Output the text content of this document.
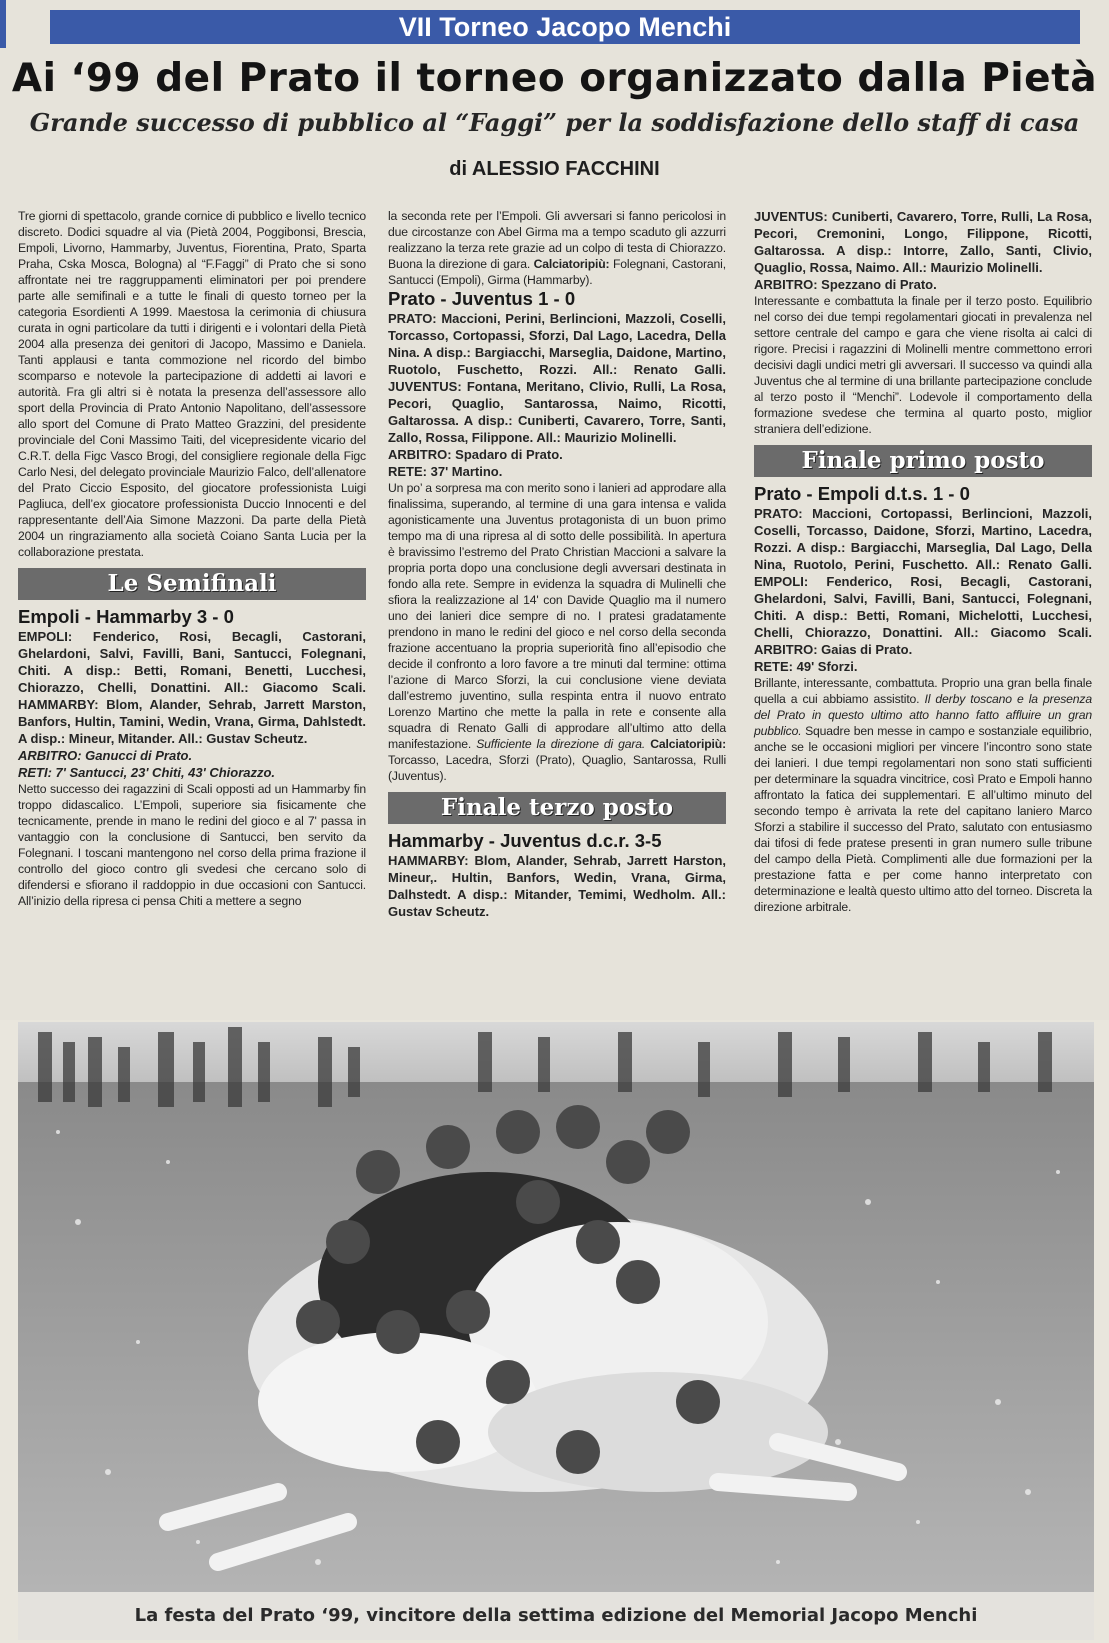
VII Torneo Jacopo Menchi
Ai ‘99 del Prato il torneo organizzato dalla Pietà
Grande successo di pubblico al “Faggi” per la soddisfazione dello staff di casa
di ALESSIO FACCHINI

Tre giorni di spettacolo, grande cornice di pubblico e livello tecnico discreto. Dodici squadre al via (Pietà 2004, Poggibonsi, Brescia, Empoli, Livorno, Hammarby, Juventus, Fiorentina, Prato, Sparta Praha, Cska Mosca, Bologna) al “F.Faggi” di Prato che si sono affrontate nei tre raggruppamenti eliminatori per poi prendere parte alle semifinali e a tutte le finali di questo torneo per la categoria Esordienti A 1999. Maestosa la cerimonia di chiusura curata in ogni particolare da tutti i dirigenti e i volontari della Pietà 2004 alla presenza dei genitori di Jacopo, Massimo e Daniela. Tanti applausi e tanta commozione nel ricordo del bimbo scomparso e notevole la partecipazione di addetti ai lavori e autorità. Fra gli altri si è notata la presenza dell’assessore allo sport della Provincia di Prato Antonio Napolitano, dell’assessore allo sport del Comune di Prato Matteo Grazzini, del presidente provinciale del Coni Massimo Taiti, del vicepresidente vicario del C.R.T. della Figc Vasco Brogi, del consigliere regionale della Figc Carlo Nesi, del delegato provinciale Maurizio Falco, dell’allenatore del Prato Ciccio Esposito, del giocatore professionista Luigi Pagliuca, dell’ex giocatore professionista Duccio Innocenti e del rappresentante dell’Aia Simone Mazzoni. Da parte della Pietà 2004 un ringraziamento alla società Coiano Santa Lucia per la collaborazione prestata.

Le Semifinali

Empoli - Hammarby 3 - 0

EMPOLI: Fenderico, Rosi, Becagli, Castorani, Ghelardoni, Salvi, Favilli, Bani, Santucci, Folegnani, Chiti. A disp.: Betti, Romani, Benetti, Lucchesi, Chiorazzo, Chelli, Donattini. All.: Giacomo Scali. HAMMARBY: Blom, Alander, Sehrab, Jarrett Marston, Banfors, Hultin, Tamini, Wedin, Vrana, Girma, Dahlstedt. A disp.: Mineur, Mitander. All.: Gustav Scheutz.

ARBITRO: Ganucci di Prato.

RETI: 7' Santucci, 23' Chiti, 43' Chiorazzo.

Netto successo dei ragazzini di Scali opposti ad un Hammarby fin troppo didascalico. L’Empoli, superiore sia fisicamente che tecnicamente, prende in mano le redini del gioco e al 7' passa in vantaggio con la conclusione di Santucci, ben servito da Folegnani. I toscani mantengono nel corso della prima frazione il controllo del gioco contro gli svedesi che cercano solo di difendersi e sfiorano il raddoppio in due occasioni con Santucci. All’inizio della ripresa ci pensa Chiti a mettere a segno

la seconda rete per l’Empoli. Gli avversari si fanno pericolosi in due circostanze con Abel Girma ma a tempo scaduto gli azzurri realizzano la terza rete grazie ad un colpo di testa di Chiorazzo. Buona la direzione di gara. Calciatoripiù: Folegnani, Castorani, Santucci (Empoli), Girma (Hammarby).

Prato - Juventus 1 - 0

PRATO: Maccioni, Perini, Berlincioni, Mazzoli, Coselli, Torcasso, Cortopassi, Sforzi, Dal Lago, Lacedra, Della Nina. A disp.: Bargiacchi, Marseglia, Daidone, Martino, Ruotolo, Fuschetto, Rozzi. All.: Renato Galli. JUVENTUS: Fontana, Meritano, Clivio, Rulli, La Rosa, Pecori, Quaglio, Santarossa, Naimo, Ricotti, Galtarossa. A disp.: Cuniberti, Cavarero, Torre, Santi, Zallo, Rossa, Filippone. All.: Maurizio Molinelli.

ARBITRO: Spadaro di Prato.

RETE: 37' Martino.

Un po’ a sorpresa ma con merito sono i lanieri ad approdare alla finalissima, superando, al termine di una gara intensa e valida agonisticamente una Juventus protagonista di un buon primo tempo ma di una ripresa al di sotto delle possibilità. In apertura è bravissimo l’estremo del Prato Christian Maccioni a salvare la propria porta dopo una conclusione degli avversari destinata in fondo alla rete. Sempre in evidenza la squadra di Mulinelli che sfiora la realizzazione al 14' con Davide Quaglio ma il numero uno dei lanieri dice sempre di no. I pratesi gradatamente prendono in mano le redini del gioco e nel corso della seconda frazione accentuano la propria superiorità fino all’episodio che decide il confronto a loro favore a tre minuti dal termine: ottima l’azione di Marco Sforzi, la cui conclusione viene deviata dall’estremo juventino, sulla respinta entra il nuovo entrato Lorenzo Martino che mette la palla in rete e consente alla squadra di Renato Galli di approdare all’ultimo atto della manifestazione. Sufficiente la direzione di gara. Calciatoripiù: Torcasso, Lacedra, Sforzi (Prato), Quaglio, Santarossa, Rulli (Juventus).

Finale terzo posto

Hammarby - Juventus d.c.r. 3-5

HAMMARBY: Blom, Alander, Sehrab, Jarrett Harston, Mineur,. Hultin, Banfors, Wedin, Vrana, Girma, Dalhstedt. A disp.: Mitander, Temimi, Wedholm. All.: Gustav Scheutz.

JUVENTUS: Cuniberti, Cavarero, Torre, Rulli, La Rosa, Pecori, Cremonini, Longo, Filippone, Ricotti, Galtarossa. A disp.: Intorre, Zallo, Santi, Clivio, Quaglio, Rossa, Naimo. All.: Maurizio Molinelli.

ARBITRO: Spezzano di Prato.

Interessante e combattuta la finale per il terzo posto. Equilibrio nel corso dei due tempi regolamentari giocati in prevalenza nel settore centrale del campo e gara che viene risolta ai calci di rigore. Precisi i ragazzini di Molinelli mentre commettono errori decisivi dagli undici metri gli avversari. Il successo va quindi alla Juventus che al termine di una brillante partecipazione conclude al terzo posto il “Menchi”. Lodevole il comportamento della formazione svedese che termina al quarto posto, miglior straniera dell’edizione.

Finale primo posto

Prato - Empoli d.t.s. 1 - 0

PRATO: Maccioni, Cortopassi, Berlincioni, Mazzoli, Coselli, Torcasso, Daidone, Sforzi, Martino, Lacedra, Rozzi. A disp.: Bargiacchi, Marseglia, Dal Lago, Della Nina, Ruotolo, Perini, Fuschetto. All.: Renato Galli. EMPOLI: Fenderico, Rosi, Becagli, Castorani, Ghelardoni, Salvi, Favilli, Bani, Santucci, Folegnani, Chiti. A disp.: Betti, Romani, Michelotti, Lucchesi, Chelli, Chiorazzo, Donattini. All.: Giacomo Scali. ARBITRO: Gaias di Prato.

RETE: 49' Sforzi.

Brillante, interessante, combattuta. Proprio una gran bella finale quella a cui abbiamo assistito. Il derby toscano e la presenza del Prato in questo ultimo atto hanno fatto affluire un gran pubblico. Squadre ben messe in campo e sostanziale equilibrio, anche se le occasioni migliori per vincere l’incontro sono state dei lanieri. I due tempi regolamentari non sono stati sufficienti per determinare la squadra vincitrice, così Prato e Empoli hanno affrontato la fatica dei supplementari. E all’ultimo minuto del secondo tempo è arrivata la rete del capitano laniero Marco Sforzi a stabilire il successo del Prato, salutato con entusiasmo dai tifosi di fede pratese presenti in gran numero sulle tribune del campo della Pietà. Complimenti alle due formazioni per la prestazione fatta e per come hanno interpretato con determinazione e lealtà questo ultimo atto del torneo. Discreta la direzione arbitrale.

La festa del Prato ‘99, vincitore della settima edizione del Memorial Jacopo Menchi
